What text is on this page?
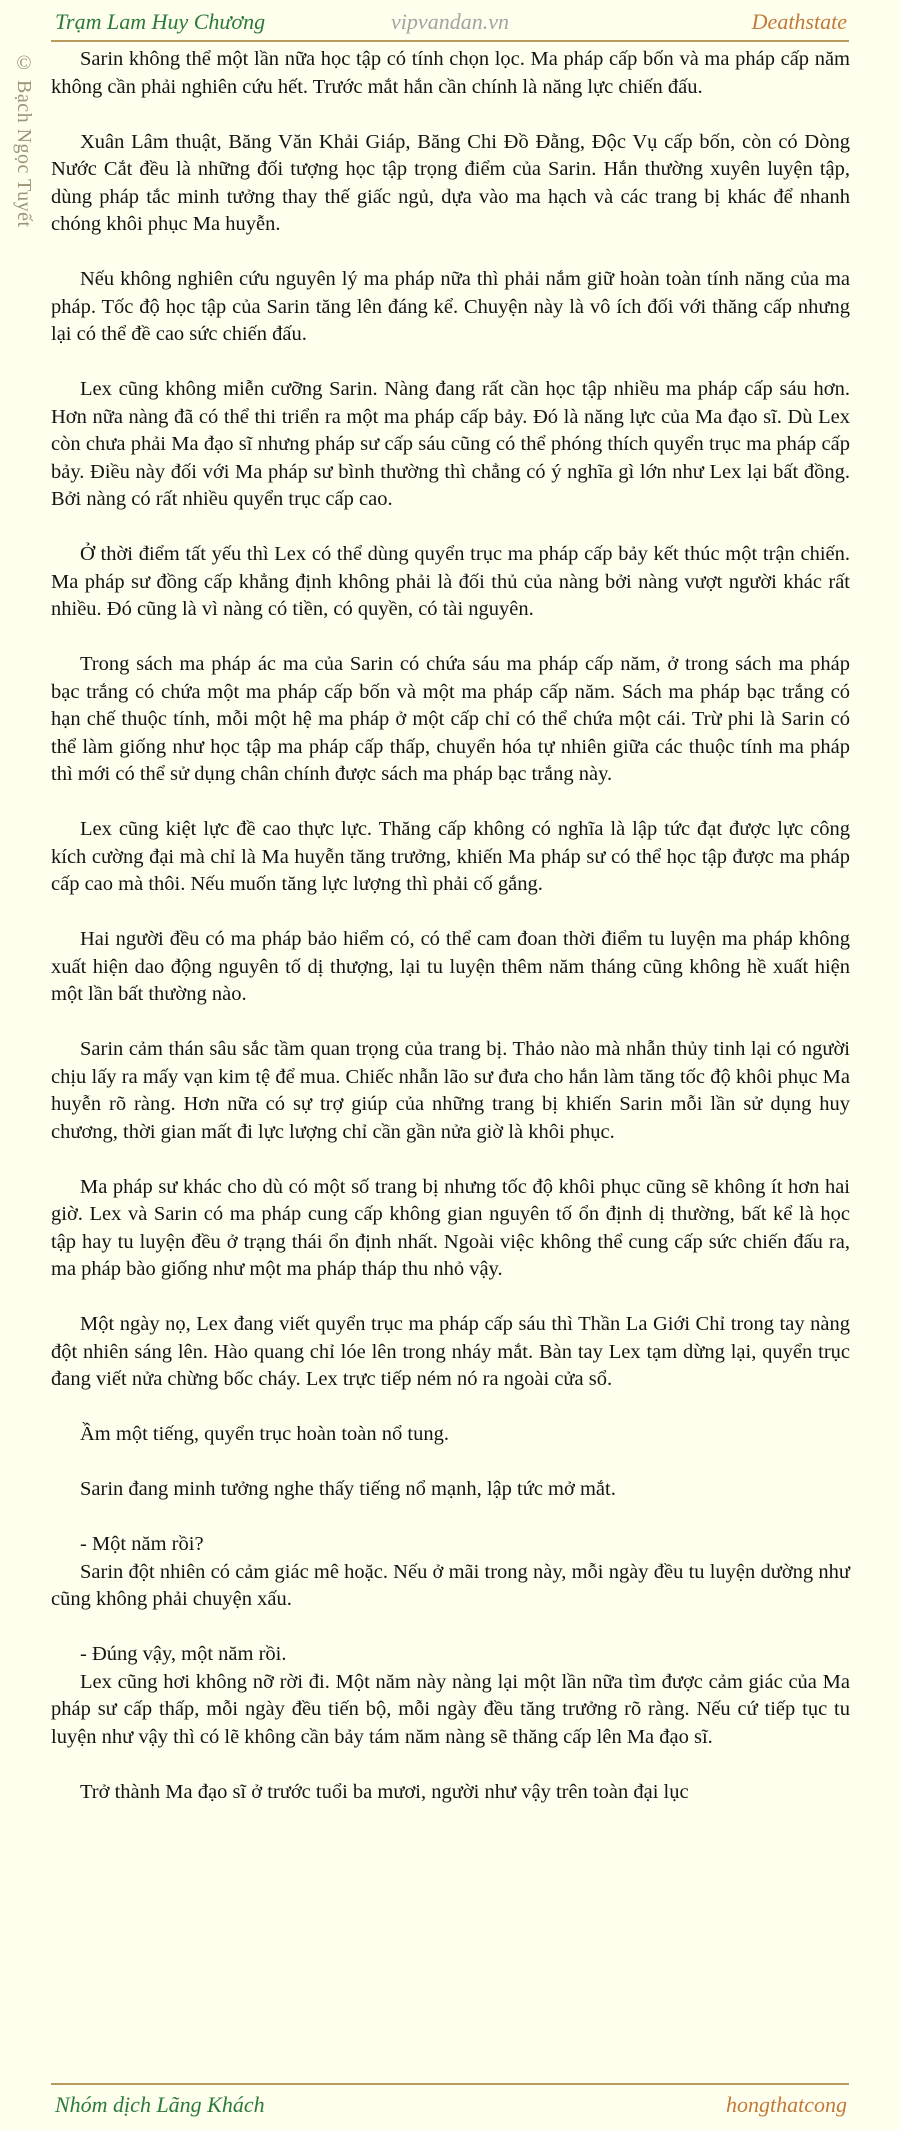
Trạm Lam Huy Chương	vipvandan.vn	Deathstate
© Bạch Ngọc Tuyết	Sarin không thể một lần nữa học tập có tính chọn lọc. Ma pháp cấp bốn và ma pháp cấp năm không cần phải nghiên cứu hết. Trước mắt hắn cần chính là năng lực chiến đấu.

Xuân Lâm thuật, Băng Văn Khải Giáp, Băng Chi Đồ Đằng, Độc Vụ cấp bốn, còn có Dòng Nước Cắt đều là những đối tượng học tập trọng điểm của Sarin. Hắn thường xuyên luyện tập, dùng pháp tắc minh tưởng thay thế giấc ngủ, dựa vào ma hạch và các trang bị khác để nhanh chóng khôi phục Ma huyễn.

Nếu không nghiên cứu nguyên lý ma pháp nữa thì phải nắm giữ hoàn toàn tính năng của ma pháp. Tốc độ học tập của Sarin tăng lên đáng kể. Chuyện này là vô ích đối với thăng cấp nhưng lại có thể đề cao sức chiến đấu.

Lex cũng không miễn cưỡng Sarin. Nàng đang rất cần học tập nhiều ma pháp cấp sáu hơn. Hơn nữa nàng đã có thể thi triển ra một ma pháp cấp bảy. Đó là năng lực của Ma đạo sĩ. Dù Lex còn chưa phải Ma đạo sĩ nhưng pháp sư cấp sáu cũng có thể phóng thích quyển trục ma pháp cấp bảy. Điều này đối với Ma pháp sư bình thường thì chẳng có ý nghĩa gì lớn như Lex lại bất đồng. Bởi nàng có rất nhiều quyển trục cấp cao.

Ở thời điểm tất yếu thì Lex có thể dùng quyển trục ma pháp cấp bảy kết thúc một trận chiến. Ma pháp sư đồng cấp khẳng định không phải là đối thủ của nàng bởi nàng vượt người khác rất nhiều. Đó cũng là vì nàng có tiền, có quyền, có tài nguyên.

Trong sách ma pháp ác ma của Sarin có chứa sáu ma pháp cấp năm, ở trong sách ma pháp bạc trắng có chứa một ma pháp cấp bốn và một ma pháp cấp năm. Sách ma pháp bạc trắng có hạn chế thuộc tính, mỗi một hệ ma pháp ở một cấp chỉ có thể chứa một cái. Trừ phi là Sarin có thể làm giống như học tập ma pháp cấp thấp, chuyển hóa tự nhiên giữa các thuộc tính ma pháp thì mới có thể sử dụng chân chính được sách ma pháp bạc trắng này.

Lex cũng kiệt lực đề cao thực lực. Thăng cấp không có nghĩa là lập tức đạt được lực công kích cường đại mà chỉ là Ma huyễn tăng trưởng, khiến Ma pháp sư có thể học tập được ma pháp cấp cao mà thôi. Nếu muốn tăng lực lượng thì phải cố gắng.

Hai người đều có ma pháp bảo hiểm có, có thể cam đoan thời điểm tu luyện ma pháp không xuất hiện dao động nguyên tố dị thượng, lại tu luyện thêm năm tháng cũng không hề xuất hiện một lần bất thường nào.

Sarin cảm thán sâu sắc tầm quan trọng của trang bị. Thảo nào mà nhẫn thủy tinh lại có người chịu lấy ra mấy vạn kim tệ để mua. Chiếc nhẫn lão sư đưa cho hắn làm tăng tốc độ khôi phục Ma huyễn rõ ràng. Hơn nữa có sự trợ giúp của những trang bị khiến Sarin mỗi lần sử dụng huy chương, thời gian mất đi lực lượng chỉ cần gần nửa giờ là khôi phục.

Ma pháp sư khác cho dù có một số trang bị nhưng tốc độ khôi phục cũng sẽ không ít hơn hai giờ. Lex và Sarin có ma pháp cung cấp không gian nguyên tố ổn định dị thường, bất kể là học tập hay tu luyện đều ở trạng thái ổn định nhất. Ngoài việc không thể cung cấp sức chiến đấu ra, ma pháp bào giống như một ma pháp tháp thu nhỏ vậy.

Một ngày nọ, Lex đang viết quyển trục ma pháp cấp sáu thì Thần La Giới Chỉ trong tay nàng đột nhiên sáng lên. Hào quang chỉ lóe lên trong nháy mắt. Bàn tay Lex tạm dừng lại, quyển trục đang viết nửa chừng bốc cháy. Lex trực tiếp ném nó ra ngoài cửa sổ.

Ầm một tiếng, quyển trục hoàn toàn nổ tung.

Sarin đang minh tưởng nghe thấy tiếng nổ mạnh, lập tức mở mắt.

- Một năm rồi?

Sarin đột nhiên có cảm giác mê hoặc. Nếu ở mãi trong này, mỗi ngày đều tu luyện dường như cũng không phải chuyện xấu.

- Đúng vậy, một năm rồi.

Lex cũng hơi không nỡ rời đi. Một năm này nàng lại một lần nữa tìm được cảm giác của Ma pháp sư cấp thấp, mỗi ngày đều tiến bộ, mỗi ngày đều tăng trưởng rõ ràng. Nếu cứ tiếp tục tu luyện như vậy thì có lẽ không cần bảy tám năm nàng sẽ thăng cấp lên Ma đạo sĩ.

Trở thành Ma đạo sĩ ở trước tuổi ba mươi, người như vậy trên toàn đại lục

Nhóm dịch Lãng Khách	hongthatcong
